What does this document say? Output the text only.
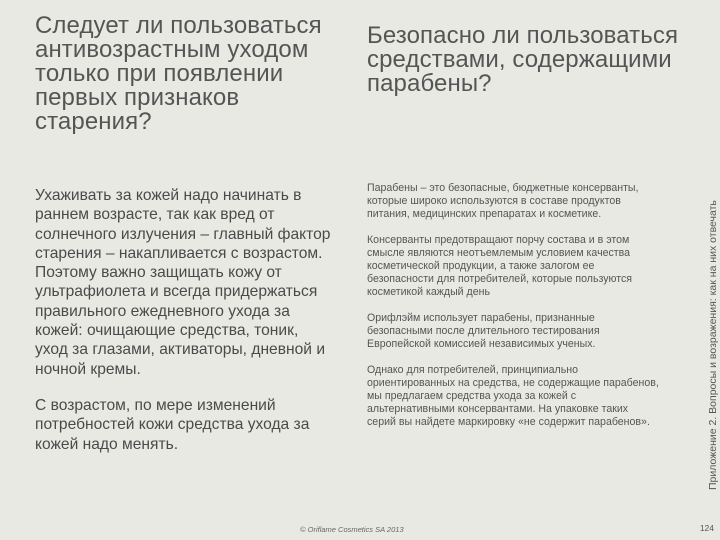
Следует ли пользоваться антивозрастным уходом только при появлении первых признаков старения?
Безопасно ли пользоваться средствами, содержащими парабены?

Ухаживать за кожей надо начинать в раннем возрасте, так как вред от солнечного излучения – главный фактор старения – накапливается с возрастом. Поэтому важно защищать кожу от ультрафиолета и всегда придержаться правильного ежедневного ухода за кожей: очищающие средства, тоник, уход за глазами, активаторы, дневной и ночной кремы.

С возрастом, по мере изменений потребностей кожи средства ухода за кожей надо менять.

Парабены – это безопасные, бюджетные консерванты, которые широко используются в составе продуктов питания, медицинских препаратах и косметике.

Консерванты предотвращают порчу состава и в этом смысле являются неотъемлемым условием качества косметической продукции, а также залогом ее безопасности для потребителей, которые пользуются косметикой каждый день

Орифлэйм использует парабены, признанные безопасными после длительного тестирования Европейской комиссией независимых ученых.

Однако для потребителей, принципиально ориентированных на средства, не содержащие парабенов, мы предлагаем средства ухода за кожей с альтернативными консервантами. На упаковке таких серий вы найдете маркировку «не содержит парабенов».

© Oriflame Cosmetics SA 2013
Приложение 2. Вопросы и возражения: как на них отвечать
124
